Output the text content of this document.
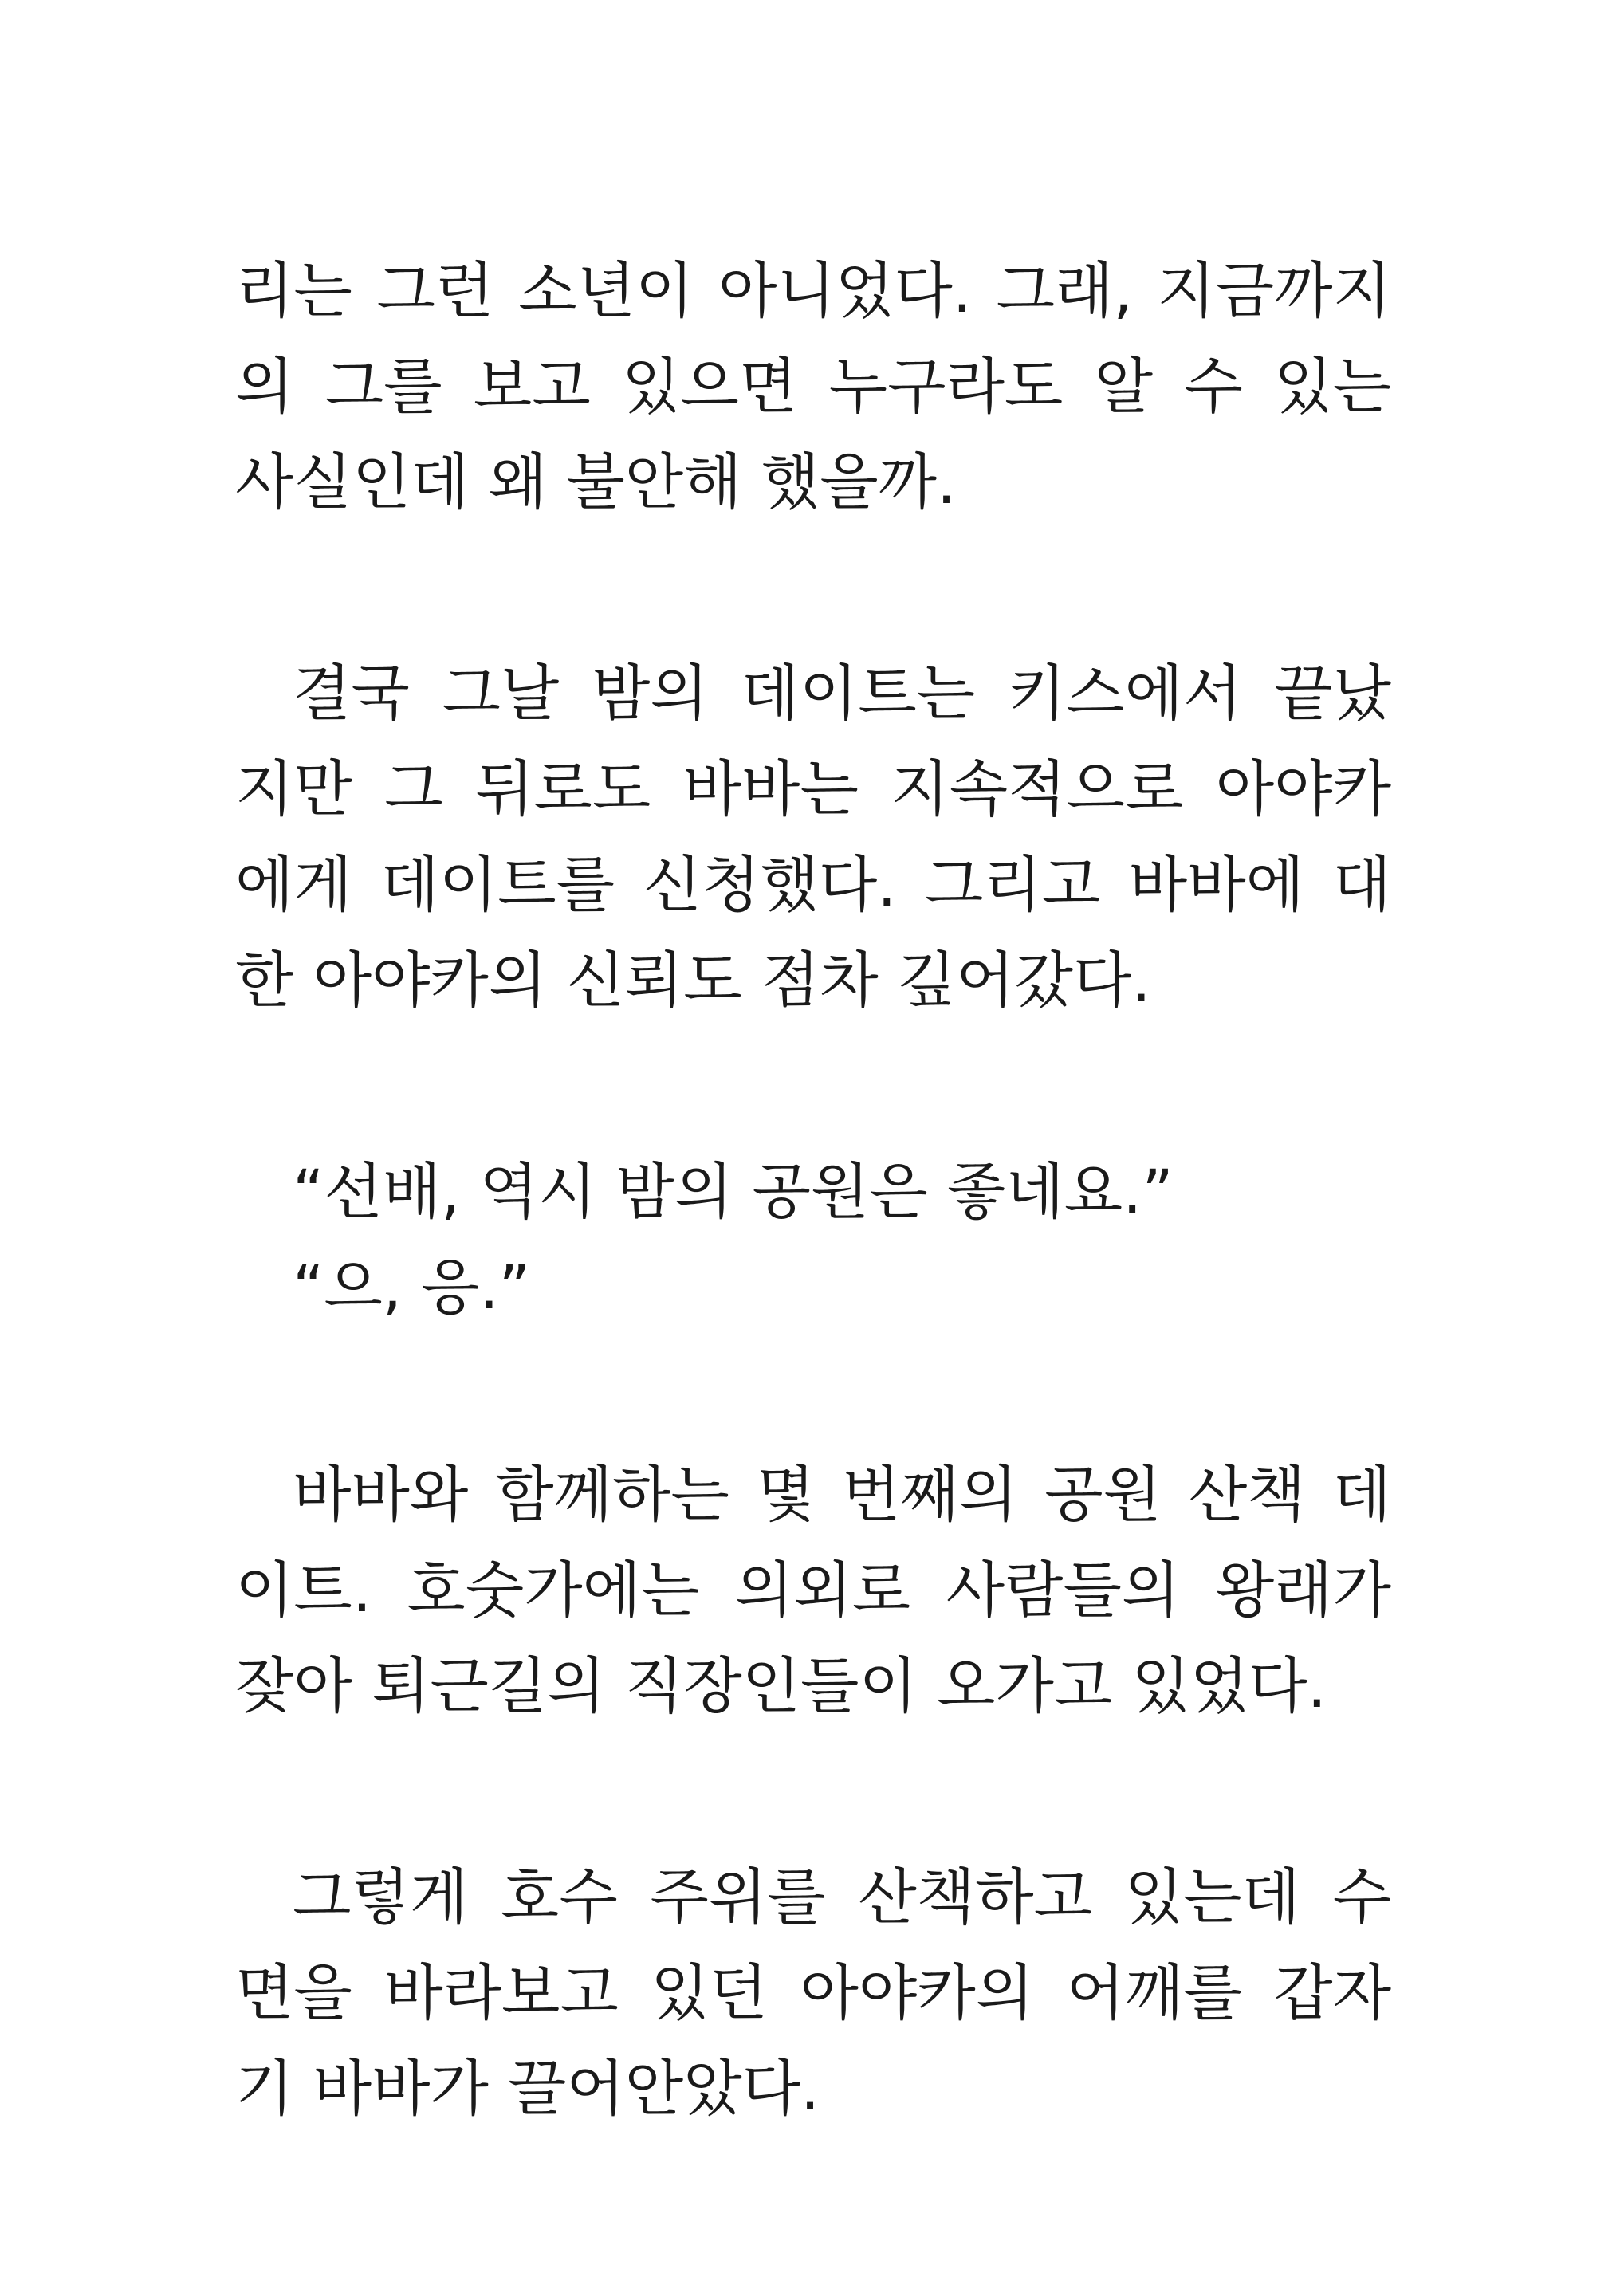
리는 그런 소년이 아니었다. 그래, 지금까지
의 그를 보고 있으면 누구라도 알 수 있는
사실인데 왜 불안해 했을까.
결국 그날 밤의 데이트는 키스에서 끝났
지만 그 뒤로도 바바는 지속적으로 아야카
에게 데이트를 신청했다. 그리고 바바에 대
한 아야카의 신뢰도 점차 깊어갔다.
“선배, 역시 밤의 공원은 좋네요.”
“으, 응.”
바바와 함께하는 몇 번째의 공원 산책 데
이트. 호숫가에는 의외로 사람들의 왕래가
잦아 퇴근길의 직장인들이 오가고 있었다.
그렇게 호수 주위를 산책하고 있는데 수
면을 바라보고 있던 아야카의 어깨를 갑자
기 바바가 끌어안았다.
